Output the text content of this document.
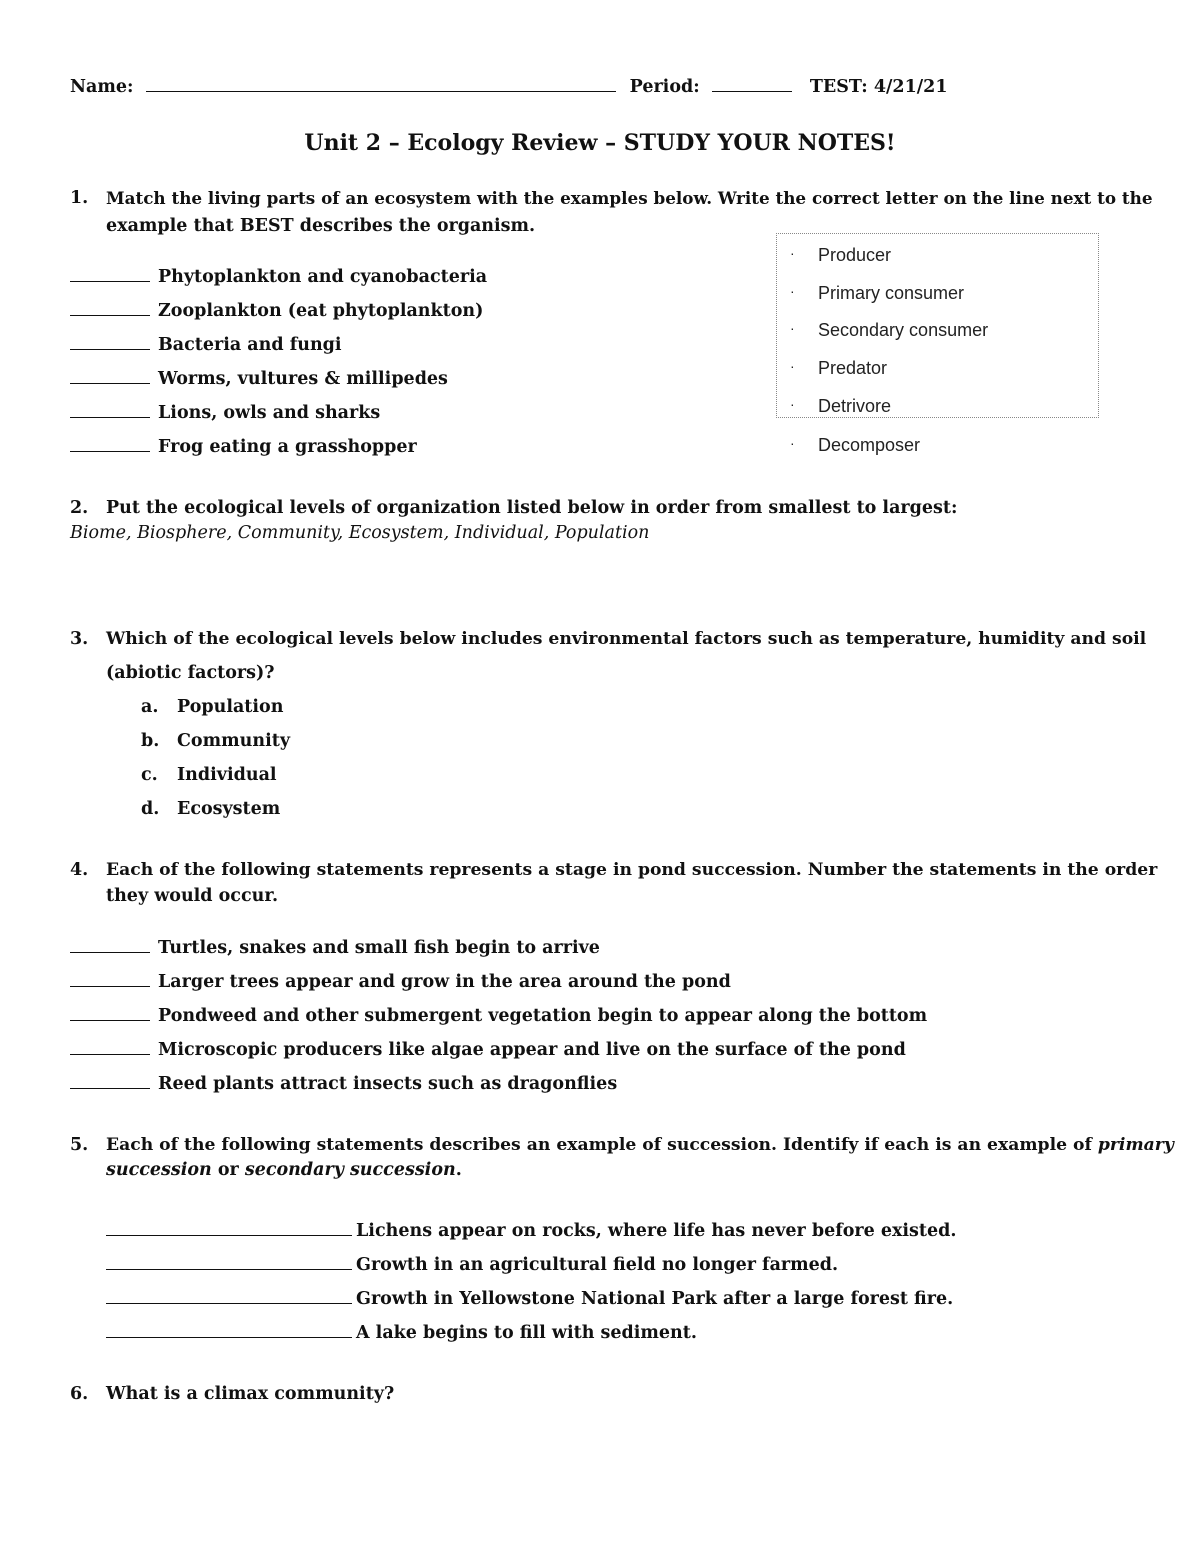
Name:	Period:	TEST: 4/21/21
Unit 2 – Ecology Review – STUDY YOUR NOTES!
1. Match the living parts of an ecosystem with the examples below. Write the correct letter on the line next to the
example that BEST describes the organism.
Phytoplankton and cyanobacteria
Zooplankton (eat phytoplankton)
Bacteria and fungi
Worms, vultures & millipedes
Lions, owls and sharks
Frog eating a grasshopper
· Producer
· Primary consumer
· Secondary consumer
· Predator
· Detrivore
· Decomposer
2. Put the ecological levels of organization listed below in order from smallest to largest:
Biome, Biosphere, Community, Ecosystem, Individual, Population
3. Which of the ecological levels below includes environmental factors such as temperature, humidity and soil
(abiotic factors)?
a. Population
b. Community
c. Individual
d. Ecosystem
4. Each of the following statements represents a stage in pond succession. Number the statements in the order
they would occur.
Turtles, snakes and small fish begin to arrive
Larger trees appear and grow in the area around the pond
Pondweed and other submergent vegetation begin to appear along the bottom
Microscopic producers like algae appear and live on the surface of the pond
Reed plants attract insects such as dragonflies
5. Each of the following statements describes an example of succession. Identify if each is an example of primary
succession or secondary succession.
Lichens appear on rocks, where life has never before existed.
Growth in an agricultural field no longer farmed.
Growth in Yellowstone National Park after a large forest fire.
A lake begins to fill with sediment.
6. What is a climax community?
